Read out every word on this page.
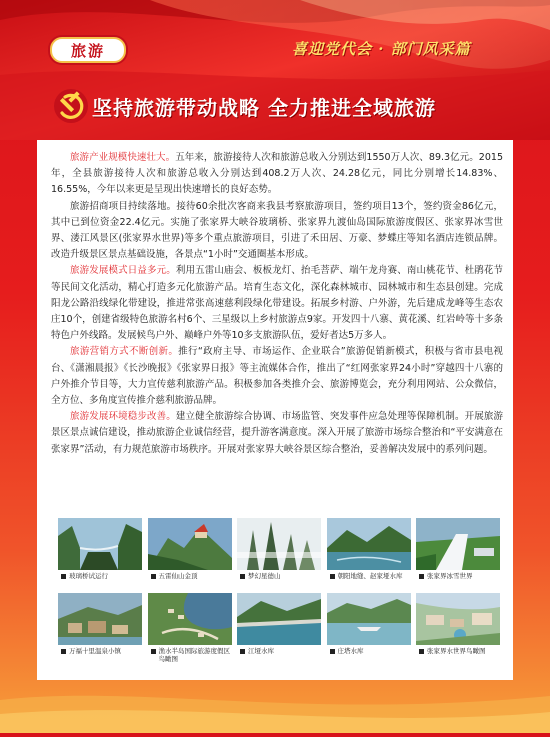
旅游	喜迎党代会 · 部门风采篇
坚持旅游带动战略 全力推进全域旅游

旅游产业规模快速壮大。五年来，旅游接待人次和旅游总收入分别达到1550万人次、89.3亿元。2015年，全县旅游接待人次和旅游总收入分别达到408.2万人次、24.28亿元，同比分别增长14.83%、16.55%，今年以来更是呈现出快速增长的良好态势。

旅游招商项目持续落地。接待60余批次客商来我县考察旅游项目，签约项目13个，签约资金86亿元，其中已到位资金22.4亿元。实施了张家界大峡谷玻璃桥、张家界九渡仙岛国际旅游度假区、张家界冰雪世界、溇江风景区(张家界水世界)等多个重点旅游项目，引进了禾田居、万豪、梦蝶庄等知名酒店连锁品牌。改造升级景区景点基础设施，各景点“1小时”交通圈基本形成。

旅游发展模式日益多元。利用五雷山庙会、板板龙灯、抬毛菩萨、端午龙舟赛、南山桃花节、杜鹃花节等民间文化活动，精心打造多元化旅游产品。培育生态文化，深化森林城市、园林城市和生态县创建。完成阳龙公路沿线绿化带建设，推进常张高速慈利段绿化带建设。拓展乡村游、户外游，先后建成龙峰等生态农庄10个，创建省级特色旅游名村6个、三星级以上乡村旅游点9家。开发四十八寨、黄花溪、红岩岭等十多条特色户外线路。发展候鸟户外、巅峰户外等10多支旅游队伍，爱好者达5万多人。

旅游营销方式不断创新。推行“政府主导、市场运作、企业联合”旅游促销新模式，积极与省市县电视台、《潇湘晨报》《长沙晚报》《张家界日报》等主流媒体合作，推出了“红网张家界24小时”穿越四十八寨的户外推介节目等，大力宣传慈利旅游产品。积极参加各类推介会、旅游博览会，充分利用网站、公众微信，全方位、多角度宣传推介慈利旅游品牌。

旅游发展环境稳步改善。建立健全旅游综合协调、市场监管、突发事件应急处理等保障机制。开展旅游景区景点诚信建设，推动旅游企业诚信经营，提升游客满意度。深入开展了旅游市场综合整治和“平安满意在张家界”活动，有力规范旅游市场秩序。开展对张家界大峡谷景区综合整治，妥善解决发展中的系列问题。

玻璃桥试运行	五雷仙山金顶	梦幻星德山	朝阳地缝、赵家垭水库	张家界冰雪世界
万福十里温泉小镇	渔水半岛国际旅游度假区鸟瞰图
江垭水库	庄塔水库	张家界水世界鸟瞰图
